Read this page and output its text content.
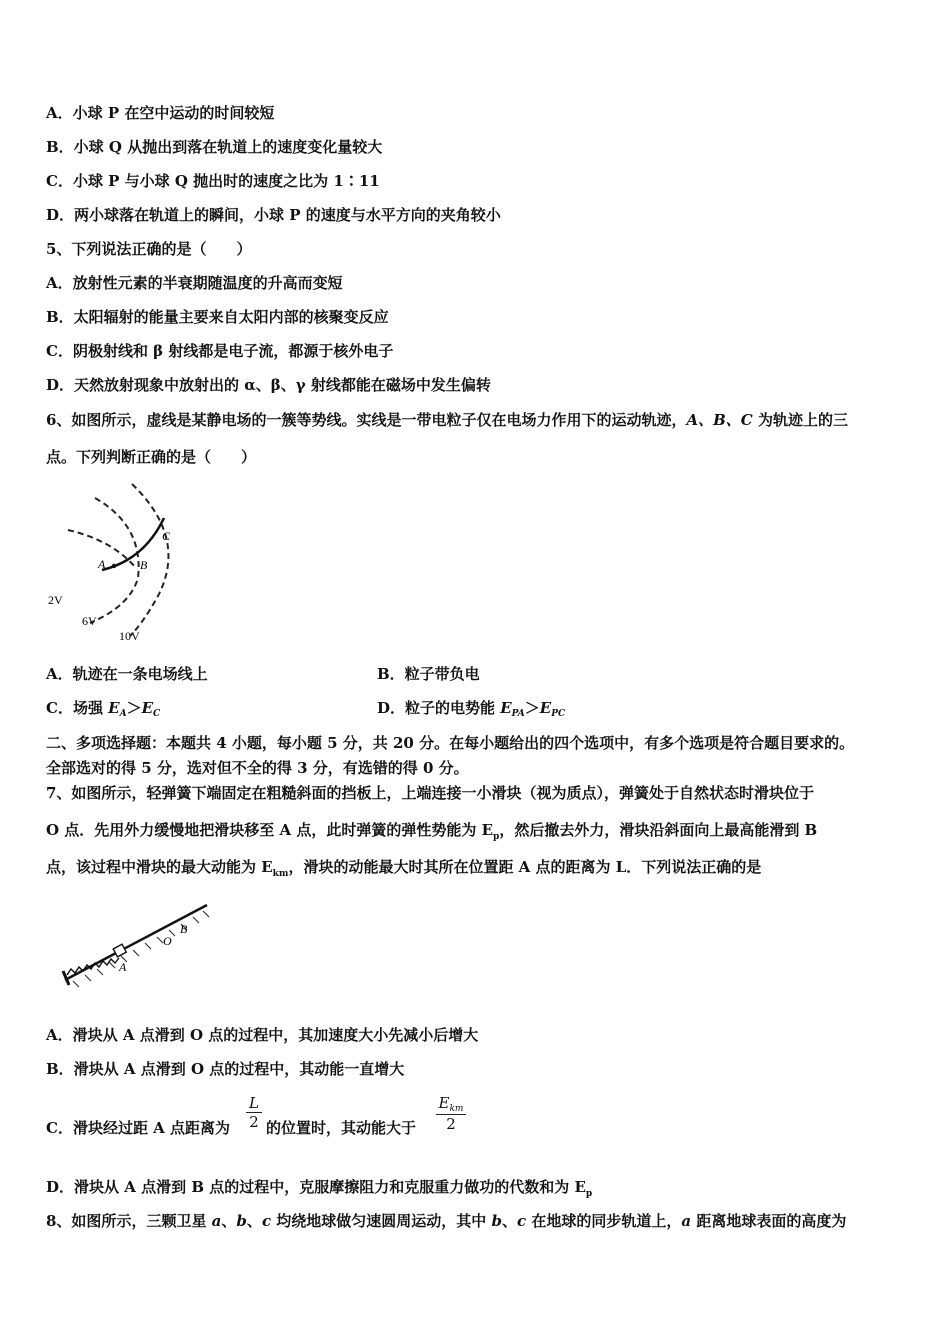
A．小球 P 在空中运动的时间较短
B．小球 Q 从抛出到落在轨道上的速度变化量较大
C．小球 P 与小球 Q 抛出时的速度之比为 1∶11
D．两小球落在轨道上的瞬间，小球 P 的速度与水平方向的夹角较小
5、下列说法正确的是（　　）
A．放射性元素的半衰期随温度的升高而变短
B．太阳辐射的能量主要来自太阳内部的核聚变反应
C．阴极射线和 β 射线都是电子流，都源于核外电子
D．天然放射现象中放射出的 α、β、γ 射线都能在磁场中发生偏转
6、如图所示，虚线是某静电场的一簇等势线。实线是一带电粒子仅在电场力作用下的运动轨迹，A、B、C 为轨迹上的三
点。下列判断正确的是（　　）
A	B
C
2V
6V
10V
A．轨迹在一条电场线上	B．粒子带负电
C．场强 $E_A>E_C$	D．粒子的电势能 $E_{PA}>E_{PC}$
二、多项选择题：本题共 4 小题，每小题 5 分，共 20 分。在每小题给出的四个选项中，有多个选项是符合题目要求的。
全部选对的得 5 分，选对但不全的得 3 分，有选错的得 0 分。
7、如图所示，轻弹簧下端固定在粗糙斜面的挡板上，上端连接一小滑块（视为质点），弹簧处于自然状态时滑块位于
O 点．先用外力缓慢地把滑块移至 A 点，此时弹簧的弹性势能为 $E_p$，然后撤去外力，滑块沿斜面向上最高能滑到 B
点，该过程中滑块的最大动能为 $E_{km}$，滑块的动能最大时其所在位置距 A 点的距离为 L．下列说法正确的是
A
O
B
A．滑块从 A 点滑到 O 点的过程中，其加速度大小先减小后增大
B．滑块从 A 点滑到 O 点的过程中，其动能一直增大
C．滑块经过距 A 点距离为 $\frac{L}{2}$ 的位置时，其动能大于
$E_{km}$
2
D．滑块从 A 点滑到 B 点的过程中，克服摩擦阻力和克服重力做功的代数和为 $E_p$
8、如图所示，三颗卫星 a、b、c 均绕地球做匀速圆周运动，其中 b、c 在地球的同步轨道上，a 距离地球表面的高度为
